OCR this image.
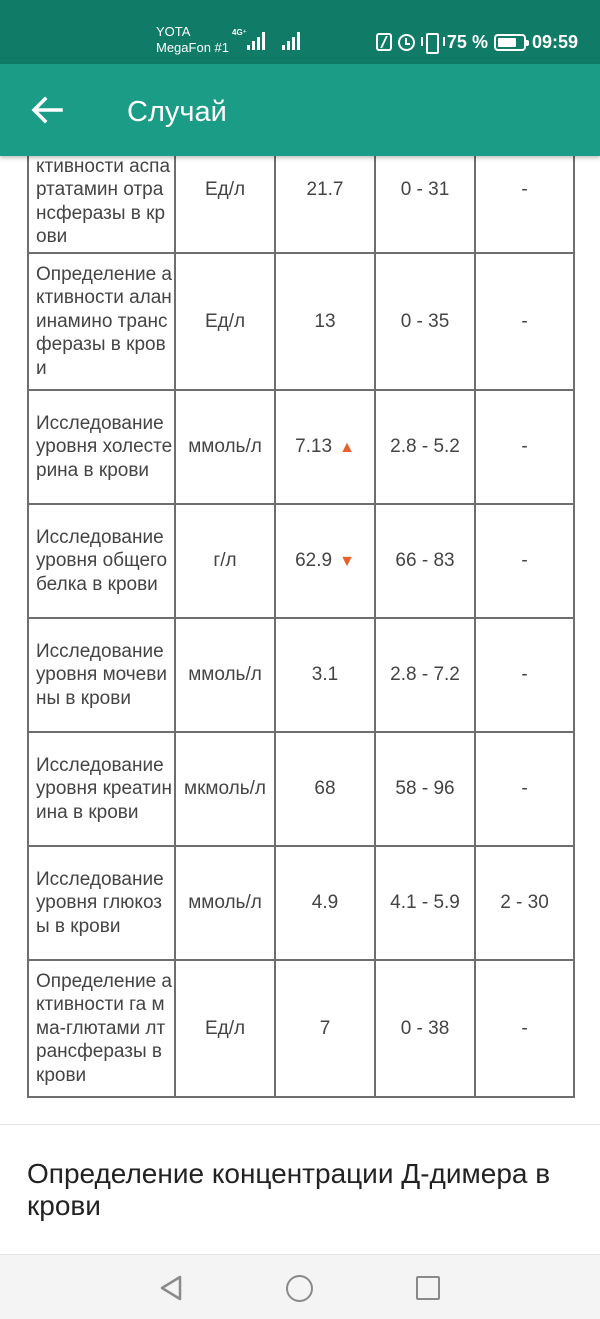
YOTA
MegaFon #1
4G⁺	75 % 09:59
Случай
ктивности аспартатамин отрансферазы в крови	Ед/л	21.7	0 - 31	-
Определение активности аланинамино трансферазы в крови	Ед/л	13	0 - 35	-
Исследование уровня холестерина в крови	ммоль/л	7.13 ▲	2.8 - 5.2	-
Исследование уровня общего белка в крови	г/л	62.9 ▼	66 - 83	-
Исследование уровня мочевины в крови	ммоль/л	3.1	2.8 - 7.2	-
Исследование уровня креатинина в крови	мкмоль/л	68	58 - 96	-
Исследование уровня глюкозы в крови	ммоль/л	4.9	4.1 - 5.9	2 - 30
Определение активности га мма-глютами лтрансферазы в крови	Ед/л	7	0 - 38	-
Определение концентрации Д-димера в крови
